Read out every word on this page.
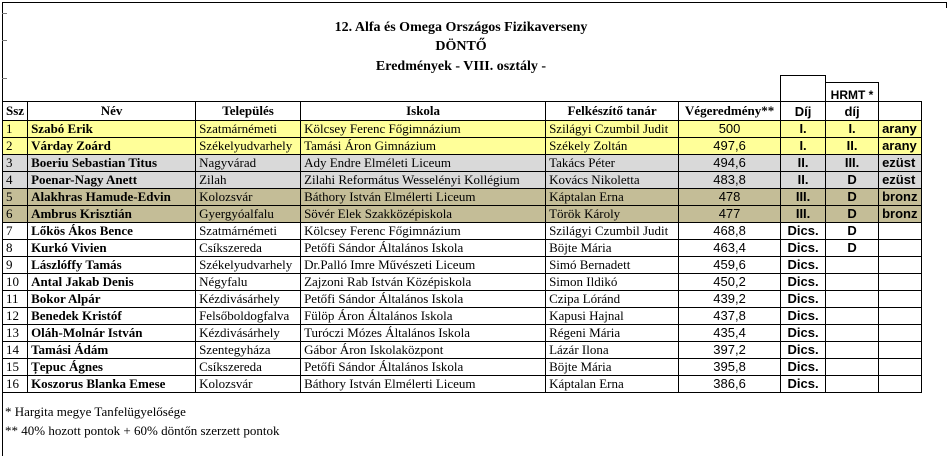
12. Alfa és Omega Országos Fizikaverseny
DÖNTŐ
Eredmények - VIII. osztály -
HRMT *
Ssz	Név	Település	Iskola	Felkészítő tanár	Végeredmény**	Díj	díj	
1	Szabó Erik	Szatmárnémeti	Kölcsey Ferenc Főgimnázium	Szilágyi Czumbil Judit	500	I.	I.	arany
2	Várday Zoárd	Székelyudvarhely	Tamási Áron Gimnázium	Székely Zoltán	497,6	I.	II.	arany
3	Boeriu Sebastian Titus	Nagyvárad	Ady Endre Elméleti Liceum	Takács Péter	494,6	II.	III.	ezüst
4	Poenar-Nagy Anett	Zilah	Zilahi Református Wesselényi Kollégium	Kovács Nikoletta	483,8	II.	D	ezüst
5	Alakhras Hamude-Edvin	Kolozsvár	Báthory István Elmélerti Liceum	Káptalan Erna	478	III.	D	bronz
6	Ambrus Krisztián	Gyergyóalfalu	Sövér Elek Szakközépiskola	Török Károly	477	III.	D	bronz
7	Lőkös Ákos Bence	Szatmárnémeti	Kölcsey Ferenc Főgimnázium	Szilágyi Czumbil Judit	468,8	Dics.	D	
8	Kurkó Vivien	Csíkszereda	Petőfi Sándor Általános Iskola	Böjte Mária	463,4	Dics.	D	
9	Lászlóffy Tamás	Székelyudvarhely	Dr.Palló Imre Művészeti Liceum	Simó Bernadett	459,6	Dics.		
10	Antal Jakab Denis	Négyfalu	Zajzoni Rab István Középiskola	Simon Ildikó	450,2	Dics.		
11	Bokor Alpár	Kézdivásárhely	Petőfi Sándor Általános Iskola	Czipa Lóránd	439,2	Dics.		
12	Benedek Kristóf	Felsőboldogfalva	Fülöp Áron Általános Iskola	Kapusi Hajnal	437,8	Dics.		
13	Oláh-Molnár István	Kézdivásárhely	Turóczi Mózes Általános Iskola	Régeni Mária	435,4	Dics.		
14	Tamási Ádám	Szentegyháza	Gábor Áron Iskolaközpont	Lázár Ilona	397,2	Dics.		
15	Țepuc Ágnes	Csíkszereda	Petőfi Sándor Általános Iskola	Böjte Mária	395,8	Dics.		
16	Koszorus Blanka Emese	Kolozsvár	Báthory István Elmélerti Liceum	Káptalan Erna	386,6	Dics.		
* Hargita megye Tanfelügyelősége
** 40% hozott pontok + 60% döntőn szerzett pontok
